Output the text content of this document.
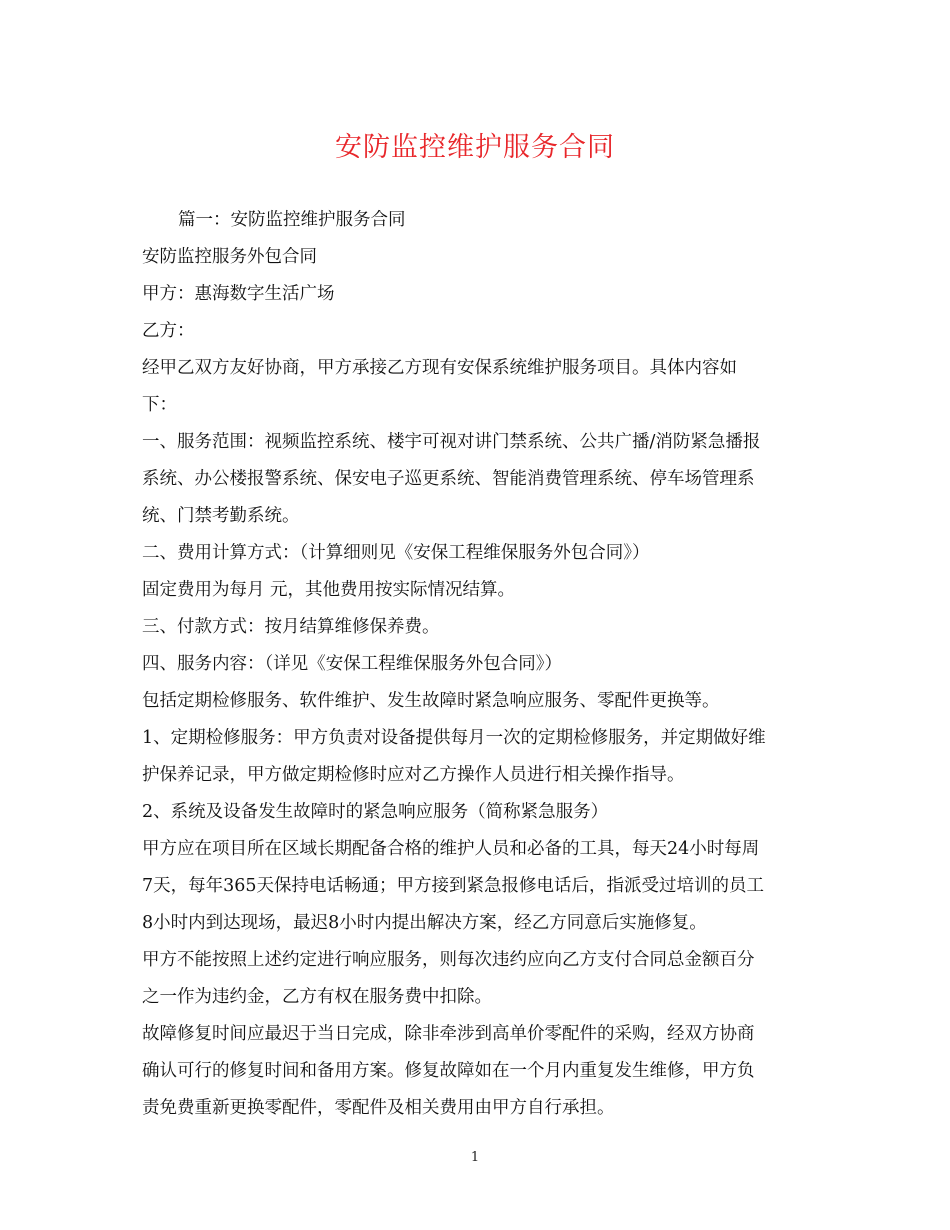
安防监控维护服务合同
篇一：安防监控维护服务合同
安防监控服务外包合同
甲方：惠海数字生活广场
乙方：
经甲乙双方友好协商，甲方承接乙方现有安保系统维护服务项目。具体内容如
下：
一、服务范围：视频监控系统、楼宇可视对讲门禁系统、公共广播/消防紧急播报
系统、办公楼报警系统、保安电子巡更系统、智能消费管理系统、停车场管理系
统、门禁考勤系统。
二、费用计算方式：（计算细则见《安保工程维保服务外包合同》）
固定费用为每月 元，其他费用按实际情况结算。
三、付款方式：按月结算维修保养费。
四、服务内容：（详见《安保工程维保服务外包合同》）
包括定期检修服务、软件维护、发生故障时紧急响应服务、零配件更换等。
1、定期检修服务：甲方负责对设备提供每月一次的定期检修服务，并定期做好维
护保养记录，甲方做定期检修时应对乙方操作人员进行相关操作指导。
2、系统及设备发生故障时的紧急响应服务（简称紧急服务）
甲方应在项目所在区域长期配备合格的维护人员和必备的工具，每天24小时每周
7天，每年365天保持电话畅通；甲方接到紧急报修电话后，指派受过培训的员工
8小时内到达现场，最迟8小时内提出解决方案，经乙方同意后实施修复。
甲方不能按照上述约定进行响应服务，则每次违约应向乙方支付合同总金额百分
之一作为违约金，乙方有权在服务费中扣除。
故障修复时间应最迟于当日完成，除非牵涉到高单价零配件的采购，经双方协商
确认可行的修复时间和备用方案。修复故障如在一个月内重复发生维修，甲方负
责免费重新更换零配件，零配件及相关费用由甲方自行承担。
1
